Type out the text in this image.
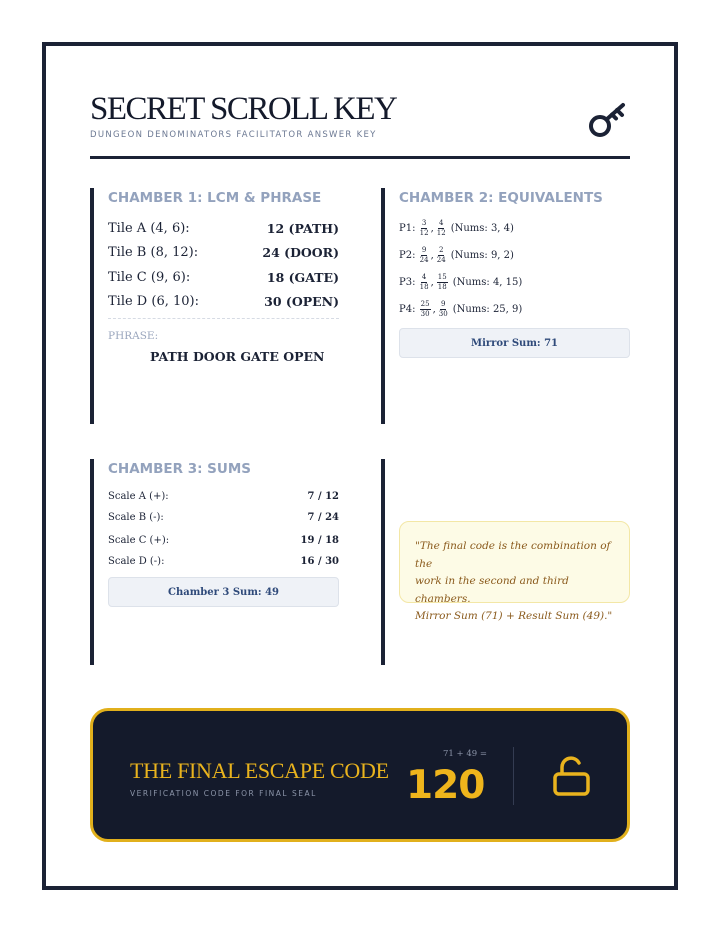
SECRET SCROLL KEY
DUNGEON DENOMINATORS FACILITATOR ANSWER KEY
CHAMBER 1: LCM & PHRASE
Tile A (4, 6):	12 (PATH)
Tile B (8, 12):	24 (DOOR)
Tile C (9, 6):	18 (GATE)
Tile D (6, 10):	30 (OPEN)
PHRASE:
PATH DOOR GATE OPEN
CHAMBER 2: EQUIVALENTS
P1:
$\frac{3}{12}$ , $\frac{4}{12}$ (Nums: 3, 4)
P2:
$\frac{9}{24}$ , $\frac{2}{24}$ (Nums: 9, 2)
P3:
$\frac{4}{18}$ , $\frac{15}{18}$ (Nums: 4, 15)
P4:
$\frac{25}{30}$ , $\frac{9}{30}$ (Nums: 25, 9)
Mirror Sum: 71
CHAMBER 3: SUMS
Scale A (+):	7 / 12
Scale B (-):	7 / 24
Scale C (+):	19 / 18
Scale D (-):	16 / 30
Chamber 3 Sum: 49
"The final code is the combination of the
work in the second and third chambers.
Mirror Sum (71) + Result Sum (49)."
THE FINAL ESCAPE CODE
VERIFICATION CODE FOR FINAL SEAL
71 + 49 =
120
